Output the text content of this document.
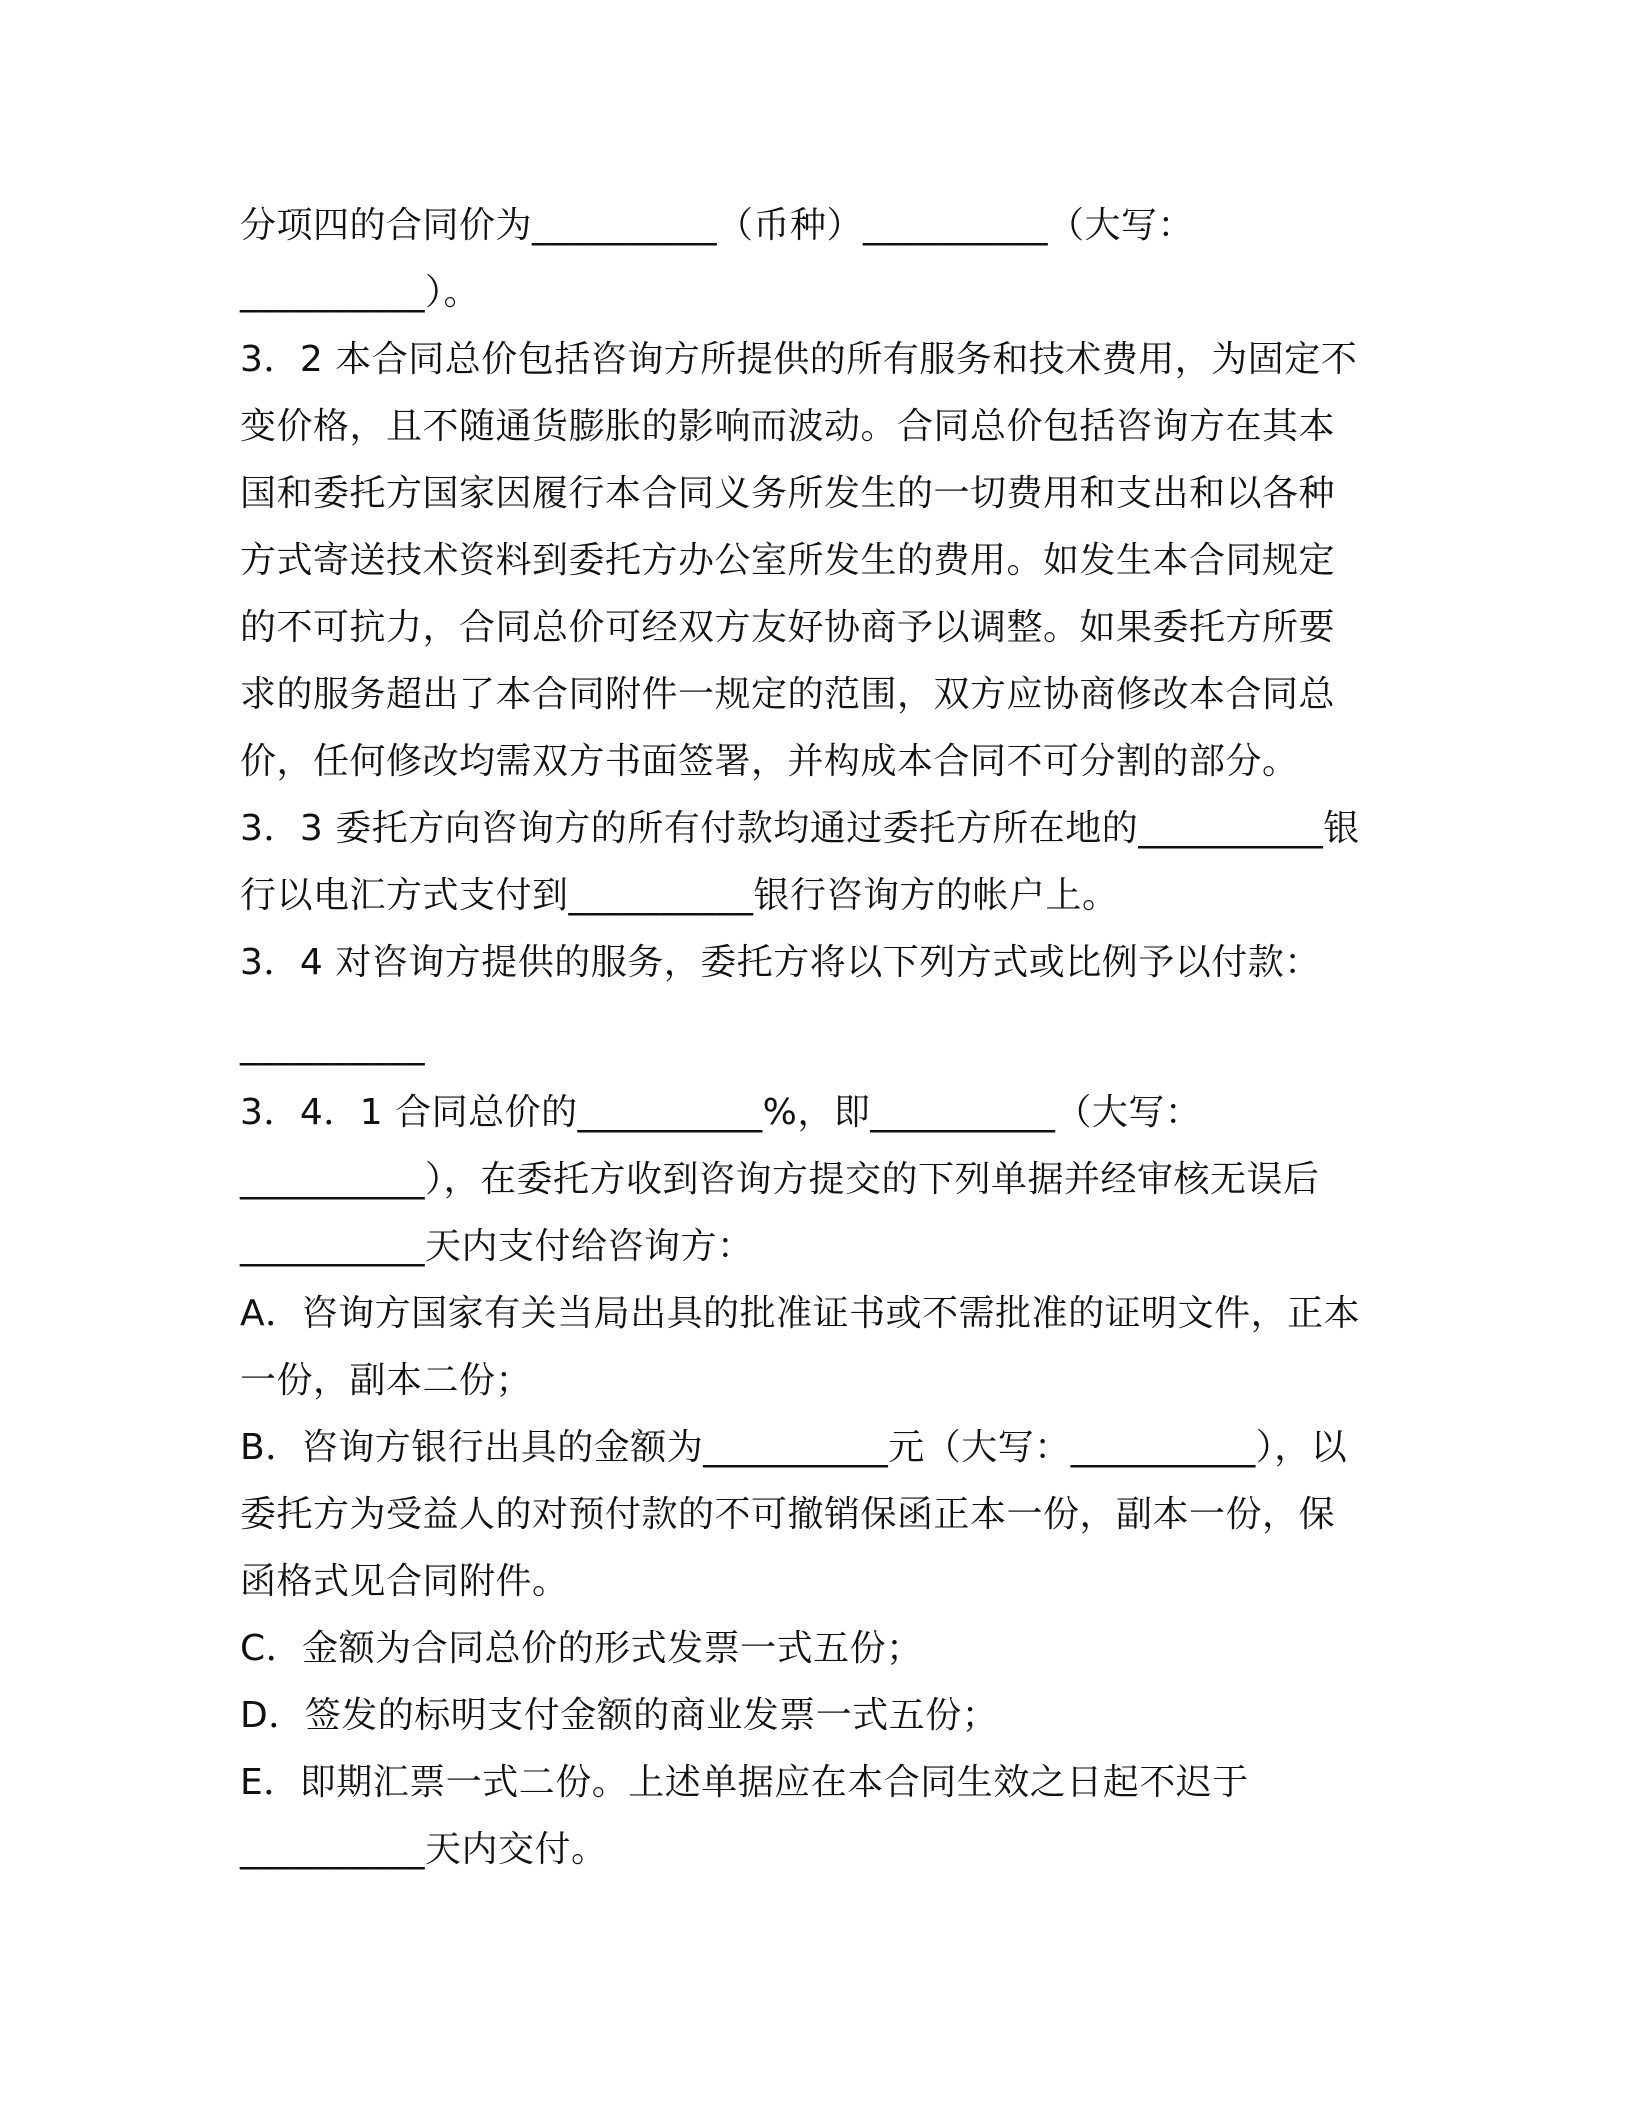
分项四的合同价为__________（币种）__________（大写：
__________）。
3．2 本合同总价包括咨询方所提供的所有服务和技术费用，为固定不
变价格，且不随通货膨胀的影响而波动。合同总价包括咨询方在其本
国和委托方国家因履行本合同义务所发生的一切费用和支出和以各种
方式寄送技术资料到委托方办公室所发生的费用。如发生本合同规定
的不可抗力，合同总价可经双方友好协商予以调整。如果委托方所要
求的服务超出了本合同附件一规定的范围，双方应协商修改本合同总
价，任何修改均需双方书面签署，并构成本合同不可分割的部分。
3．3 委托方向咨询方的所有付款均通过委托方所在地的__________银
行以电汇方式支付到__________银行咨询方的帐户上。
3．4 对咨询方提供的服务，委托方将以下列方式或比例予以付款：
__________
3．4．1 合同总价的__________%，即__________（大写：
__________），在委托方收到咨询方提交的下列单据并经审核无误后
__________天内支付给咨询方：
A．咨询方国家有关当局出具的批准证书或不需批准的证明文件，正本
一份，副本二份；
B．咨询方银行出具的金额为__________元（大写：__________），以
委托方为受益人的对预付款的不可撤销保函正本一份，副本一份，保
函格式见合同附件。
C．金额为合同总价的形式发票一式五份；
D．签发的标明支付金额的商业发票一式五份；
E．即期汇票一式二份。上述单据应在本合同生效之日起不迟于
__________天内交付。
